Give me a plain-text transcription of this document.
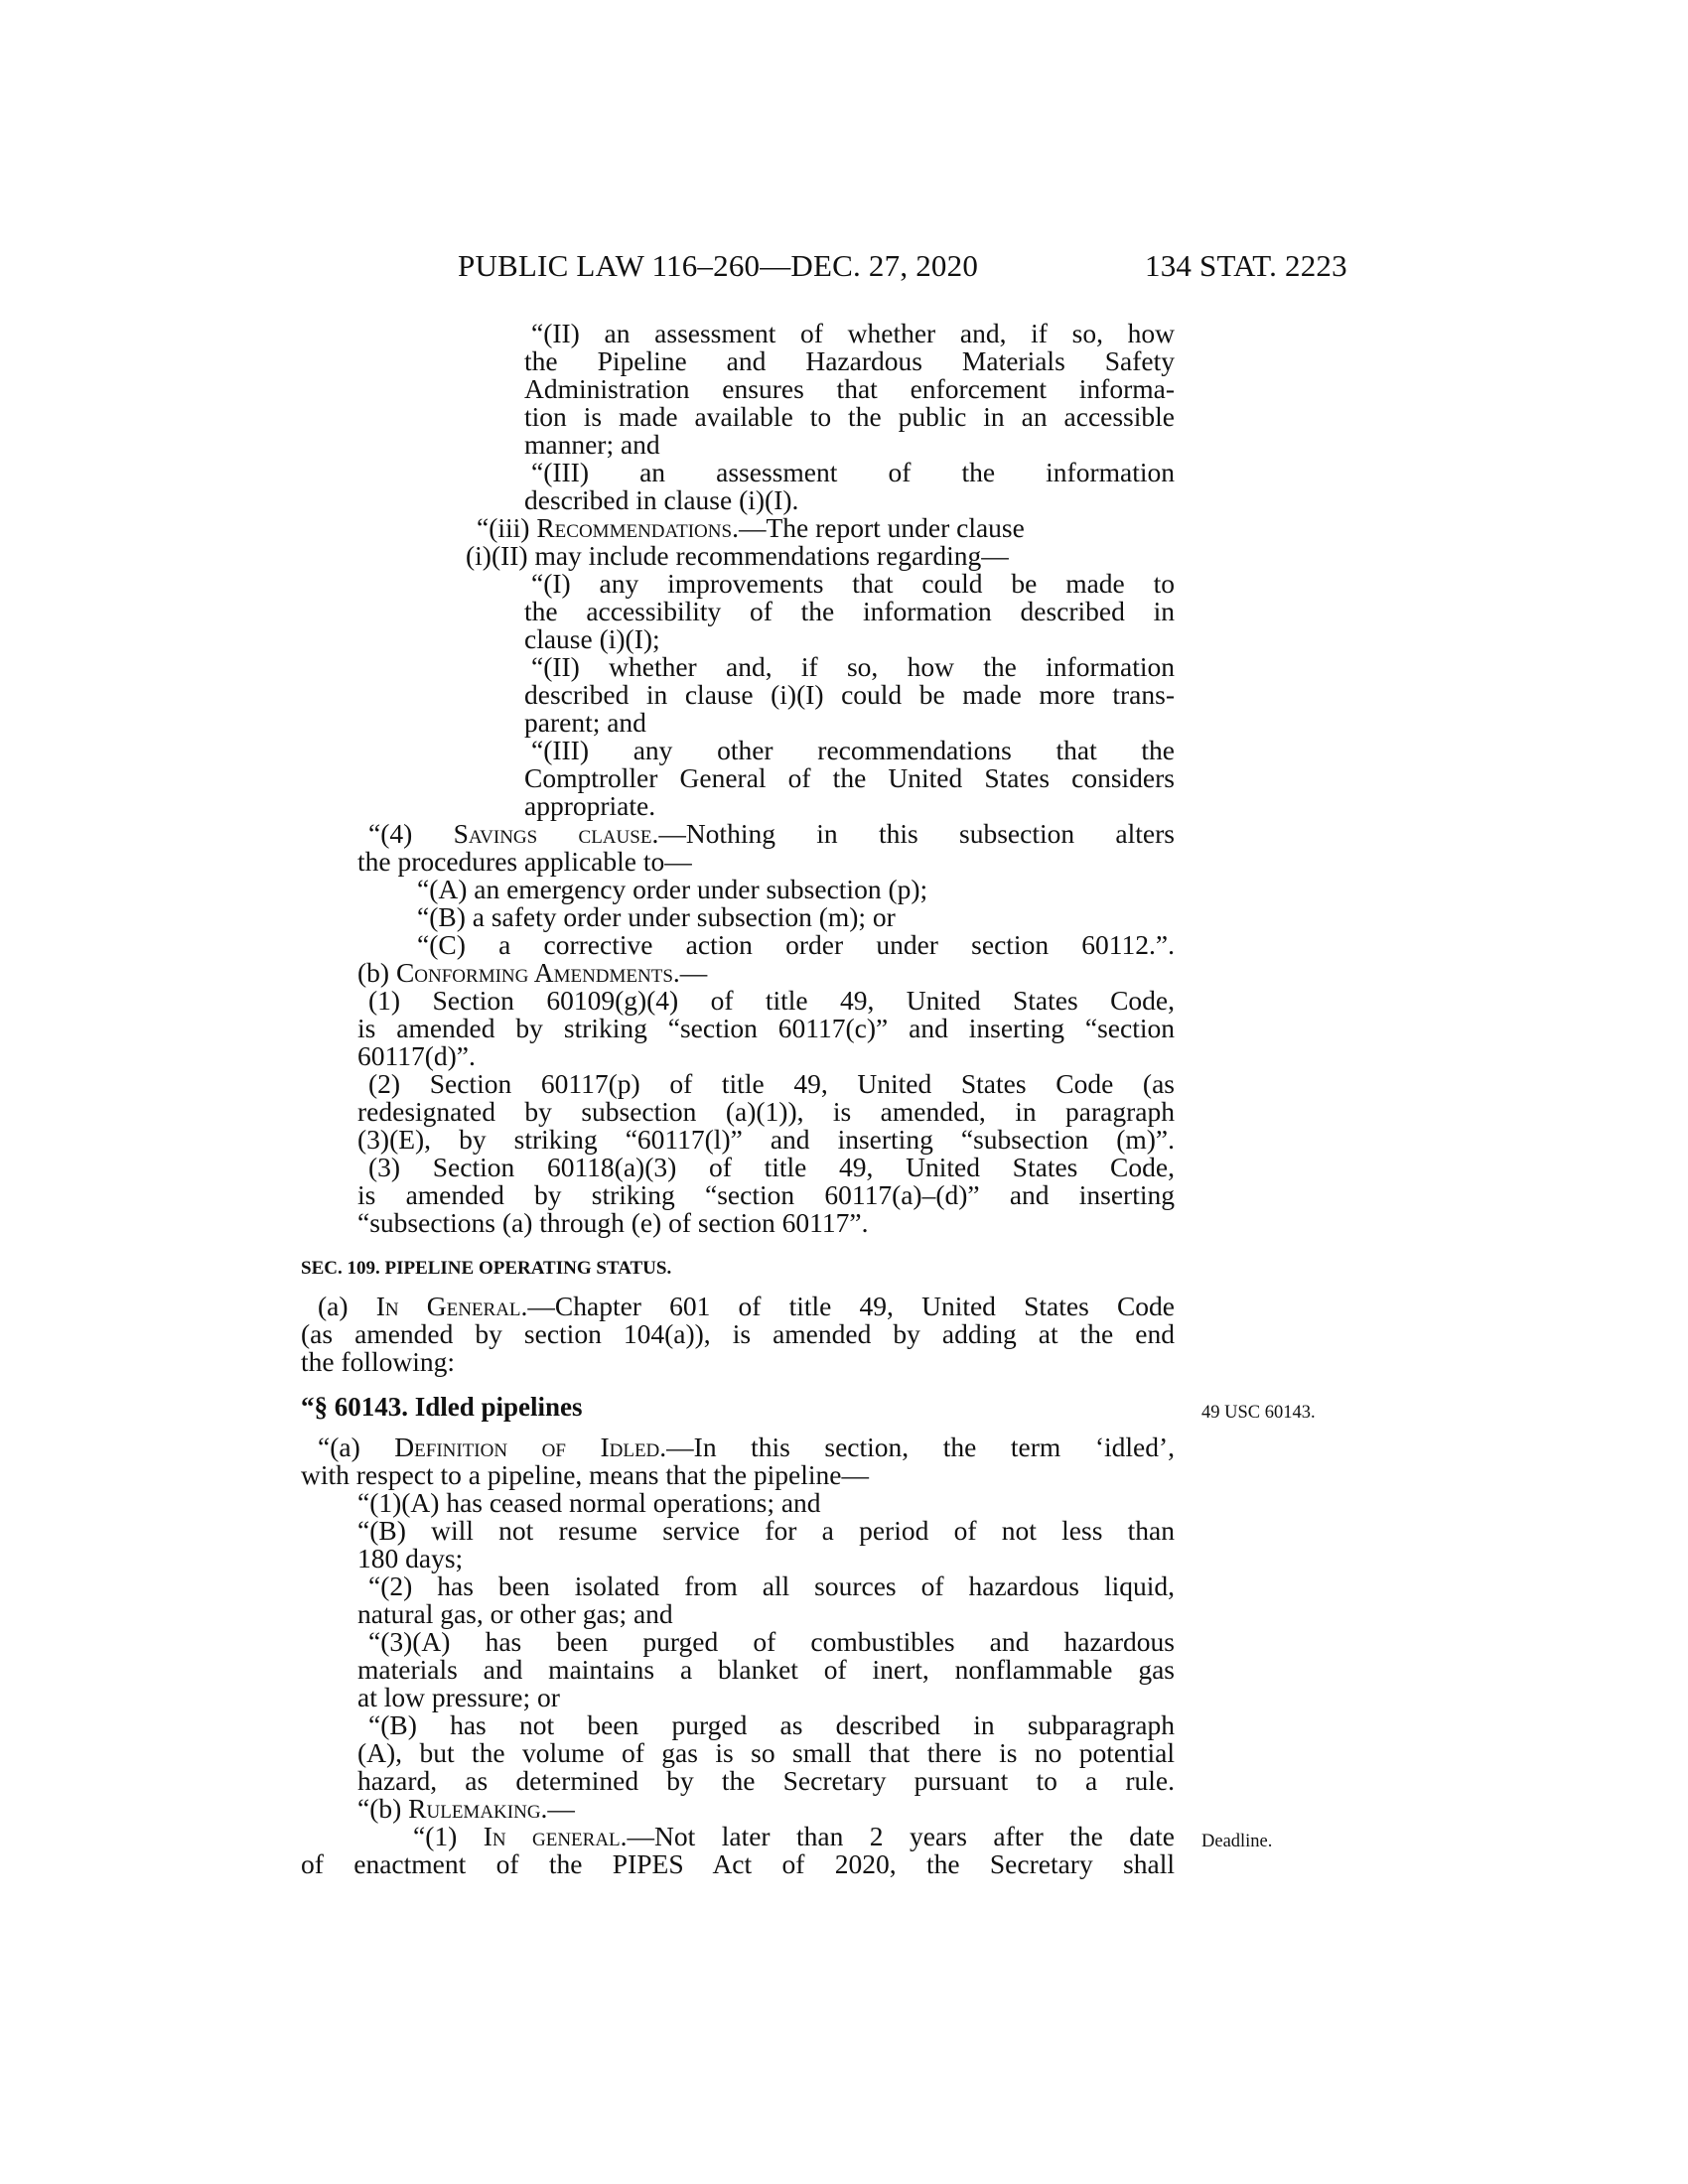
PUBLIC LAW 116–260—DEC. 27, 2020	134 STAT. 2223
“(II) an assessment of whether and, if so, how
the Pipeline and Hazardous Materials Safety
Administration ensures that enforcement informa-
tion is made available to the public in an accessible
manner; and
“(III) an assessment of the information
described in clause (i)(I).
“(iii) Recommendations.—The report under clause
(i)(II) may include recommendations regarding—
“(I) any improvements that could be made to
the accessibility of the information described in
clause (i)(I);
“(II) whether and, if so, how the information
described in clause (i)(I) could be made more trans-
parent; and
“(III) any other recommendations that the
Comptroller General of the United States considers
appropriate.
“(4) Savings clause.—Nothing in this subsection alters
the procedures applicable to—
“(A) an emergency order under subsection (p);
“(B) a safety order under subsection (m); or
“(C) a corrective action order under section 60112.”.
(b) Conforming Amendments.—
(1) Section 60109(g)(4) of title 49, United States Code,
is amended by striking “section 60117(c)” and inserting “section
60117(d)”.
(2) Section 60117(p) of title 49, United States Code (as
redesignated by subsection (a)(1)), is amended, in paragraph
(3)(E), by striking “60117(l)” and inserting “subsection (m)”.
(3) Section 60118(a)(3) of title 49, United States Code,
is amended by striking “section 60117(a)–(d)” and inserting
“subsections (a) through (e) of section 60117”.
SEC. 109. PIPELINE OPERATING STATUS.
(a) In General.—Chapter 601 of title 49, United States Code
(as amended by section 104(a)), is amended by adding at the end
the following:
“§ 60143. Idled pipelines	49 USC 60143.
“(a) Definition of Idled.—In this section, the term ‘idled’,
with respect to a pipeline, means that the pipeline—
“(1)(A) has ceased normal operations; and
“(B) will not resume service for a period of not less than
180 days;
“(2) has been isolated from all sources of hazardous liquid,
natural gas, or other gas; and
“(3)(A) has been purged of combustibles and hazardous
materials and maintains a blanket of inert, nonflammable gas
at low pressure; or
“(B) has not been purged as described in subparagraph
(A), but the volume of gas is so small that there is no potential
hazard, as determined by the Secretary pursuant to a rule.
“(b) Rulemaking.—
“(1) In general.—Not later than 2 years after the date Deadline.
of enactment of the PIPES Act of 2020, the Secretary shall
